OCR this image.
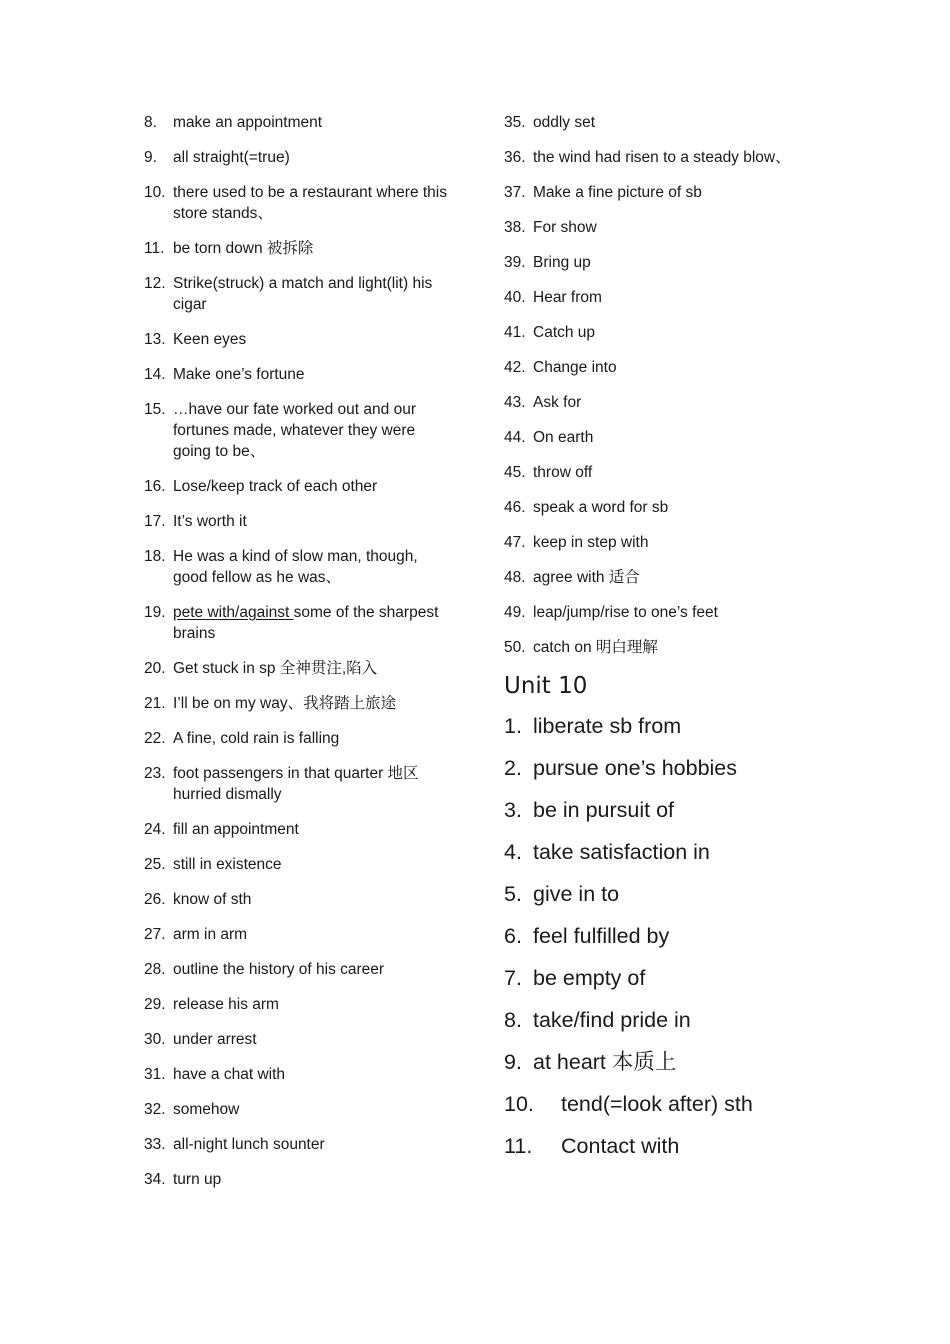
8.	make an appointment
9.	all straight(=true)
10. there used to be a restaurant where this store stands、
11. be torn down 被拆除
12. Strike(struck) a match and light(lit) his cigar
13. Keen eyes
14. Make one’s fortune
15. …have our fate worked out and our fortunes made, whatever they were going to be、
16. Lose/keep track of each other
17. It’s worth it
18. He was a kind of slow man, though, good fellow as he was、
19. pete with/against some of the sharpest brains
20. Get stuck in sp 全神贯注,陷入
21. I’ll be on my way、我将踏上旅途
22. A fine, cold rain is falling
23. foot passengers in that quarter 地区 hurried dismally
24. fill an appointment
25. still in existence
26. know of sth
27. arm in arm
28. outline the history of his career
29. release his arm
30. under arrest
31. have a chat with
32. somehow
33. all-night lunch sounter
34. turn up
35. oddly set
36. the wind had risen to a steady blow、
37. Make a fine picture of sb
38. For show
39. Bring up
40. Hear from
41. Catch up
42. Change into
43. Ask for
44. On earth
45. throw off
46. speak a word for sb
47. keep in step with
48. agree with 适合
49. leap/jump/rise to one’s feet
50. catch on 明白理解
Unit 10
1. liberate sb from
2. pursue one’s hobbies
3. be in pursuit of
4. take satisfaction in
5. give in to
6. feel fulfilled by
7. be empty of
8. take/find pride in
9. at heart 本质上
10.	tend(=look after) sth
11.	Contact with
